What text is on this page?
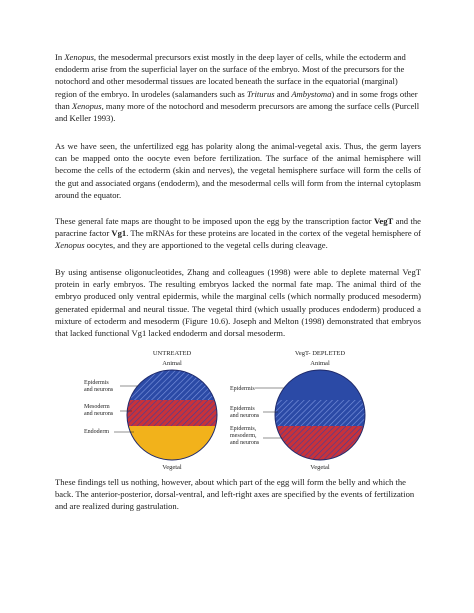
In Xenopus, the mesodermal precursors exist mostly in the deep layer of cells, while the ectoderm and endoderm arise from the superficial layer on the surface of the embryo. Most of the precursors for the notochord and other mesodermal tissues are located beneath the surface in the equatorial (marginal) region of the embryo. In urodeles (salamanders such as Triturus and Ambystoma) and in some frogs other than Xenopus, many more of the notochord and mesoderm precursors are among the surface cells (Purcell and Keller 1993).

As we have seen, the unfertilized egg has polarity along the animal-vegetal axis. Thus, the germ layers can be mapped onto the oocyte even before fertilization. The surface of the animal hemisphere will become the cells of the ectoderm (skin and nerves), the vegetal hemisphere surface will form the cells of the gut and associated organs (endoderm), and the mesodermal cells will form from the internal cytoplasm around the equator.

These general fate maps are thought to be imposed upon the egg by the transcription factor VegT and the paracrine factor Vg1. The mRNAs for these proteins are located in the cortex of the vegetal hemisphere of Xenopus oocytes, and they are apportioned to the vegetal cells during cleavage.

By using antisense oligonucleotides, Zhang and colleagues (1998) were able to deplete maternal VegT protein in early embryos. The resulting embryos lacked the normal fate map. The animal third of the embryo produced only ventral epidermis, while the marginal cells (which normally produced mesoderm) generated epidermal and neural tissue. The vegetal third (which usually produces endoderm) produced a mixture of ectoderm and mesoderm (Figure 10.6). Joseph and Melton (1998) demonstrated that embryos that lacked functional Vg1 lacked endoderm and dorsal mesoderm.

UNTREATED
Animal
Vegetal
Epidermis and neurons
Mesoderm and neurons
Endoderm
VegT- DEPLETED
Animal
Vegetal
Epidermis
Epidermis and neurons
Epidermis, mesoderm, and neurons

These findings tell us nothing, however, about which part of the egg will form the belly and which the back. The anterior-posterior, dorsal-ventral, and left-right axes are specified by the events of fertilization and are realized during gastrulation.
